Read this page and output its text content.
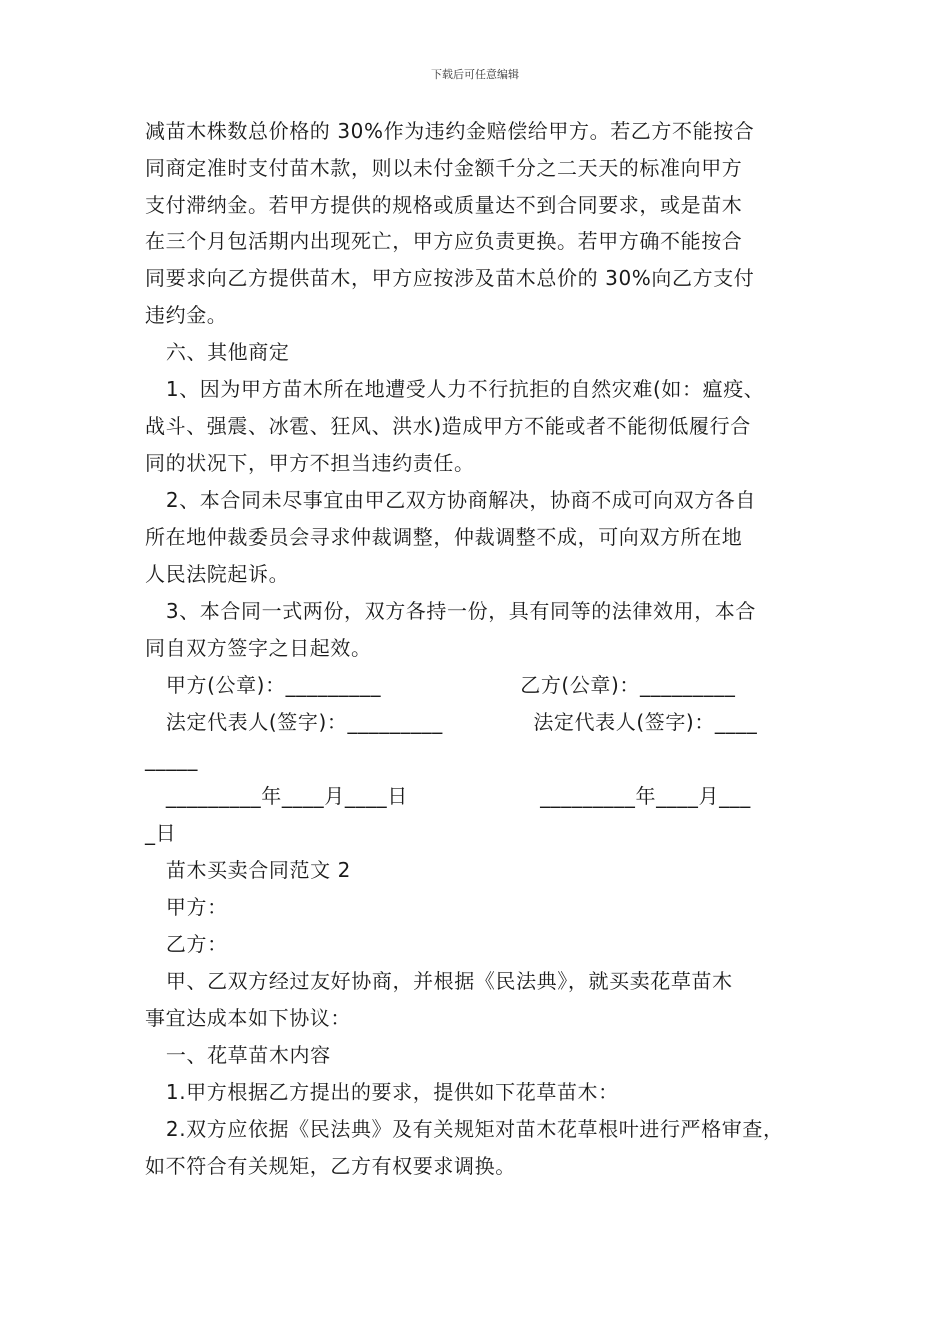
下载后可任意编辑
减苗木株数总价格的 30%作为违约金赔偿给甲方。若乙方不能按合
同商定准时支付苗木款，则以未付金额千分之二天天的标准向甲方
支付滞纳金。若甲方提供的规格或质量达不到合同要求，或是苗木
在三个月包活期内出现死亡，甲方应负责更换。若甲方确不能按合
同要求向乙方提供苗木，甲方应按涉及苗木总价的 30%向乙方支付
违约金。
六、其他商定
1、因为甲方苗木所在地遭受人力不行抗拒的自然灾难(如：瘟疫、
战斗、强震、冰雹、狂风、洪水)造成甲方不能或者不能彻低履行合
同的状况下，甲方不担当违约责任。
2、本合同未尽事宜由甲乙双方协商解决，协商不成可向双方各自
所在地仲裁委员会寻求仲裁调整，仲裁调整不成，可向双方所在地
人民法院起诉。
3、本合同一式两份，双方各持一份，具有同等的法律效用，本合
同自双方签字之日起效。
甲方(公章)：_________                    乙方(公章)：_________
法定代表人(签字)：_________             法定代表人(签字)：____
_____
_________年____月____日                   _________年____月___
_日
苗木买卖合同范文 2
甲方：
乙方：
甲、乙双方经过友好协商，并根据《民法典》，就买卖花草苗木
事宜达成本如下协议：
一、花草苗木内容
1.甲方根据乙方提出的要求，提供如下花草苗木：
2.双方应依据《民法典》及有关规矩对苗木花草根叶进行严格审查，
如不符合有关规矩，乙方有权要求调换。
